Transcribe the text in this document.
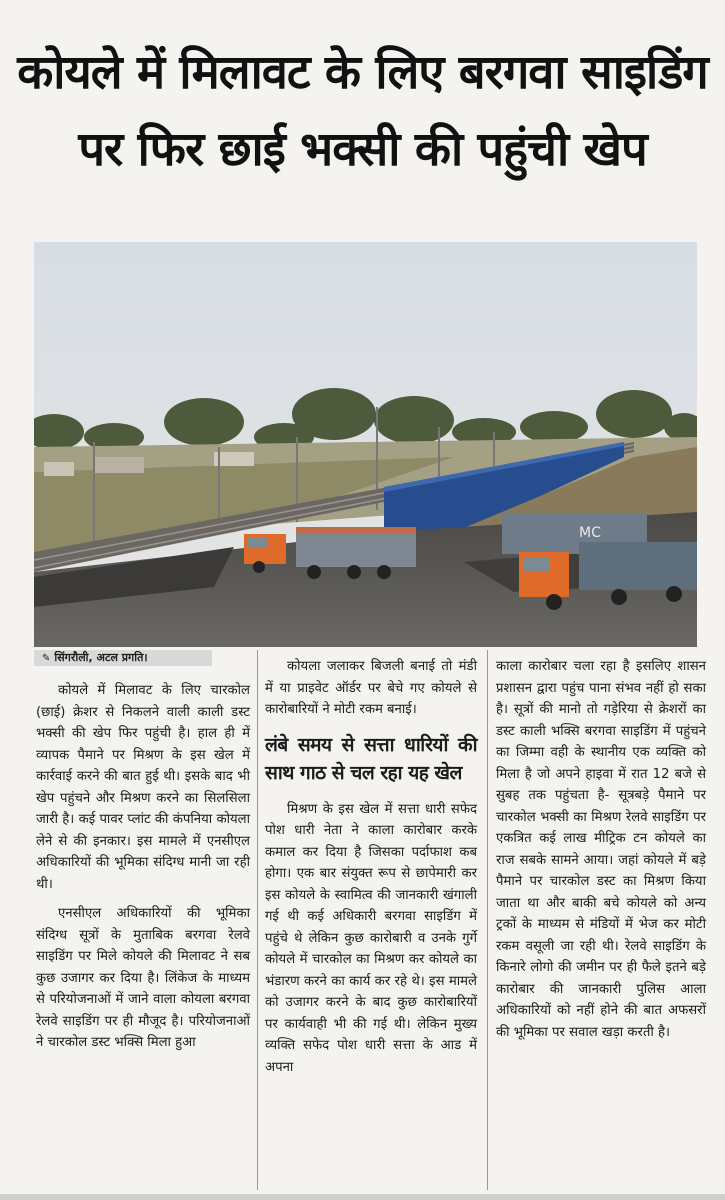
कोयले में मिलावट के लिए बरगवा साइडिंग
पर फिर छाई भक्सी की पहुंची खेप
MC
✎ सिंगरौली, अटल प्रगति।

कोयले में मिलावट के लिए चारकोल (छाई) क्रेशर से निकलने वाली काली डस्ट भक्सी की खेप फिर पहुंची है। हाल ही में व्यापक पैमाने पर मिश्रण के इस खेल में कार्रवाई करने की बात हुई थी। इसके बाद भी खेप पहुंचने और मिश्रण करने का सिलसिला जारी है। कई पावर प्लांट की कंपनिया कोयला लेने से की इनकार। इस मामले में एनसीएल अधिकारियों की भूमिका संदिग्ध मानी जा रही थी।

एनसीएल अधिकारियों की भूमिका संदिग्ध सूत्रों के मुताबिक बरगवा रेलवे साइडिंग पर मिले कोयले की मिलावट ने सब कुछ उजागर कर दिया है। लिंकेज के माध्यम से परियोजनाओं में जाने वाला कोयला बरगवा रेलवे साइडिंग पर ही मौजूद है। परियोजनाओं ने चारकोल डस्ट भक्सि मिला हुआ

कोयला जलाकर बिजली बनाई तो मंडी में या प्राइवेट ऑर्डर पर बेचे गए कोयले से कारोबारियों ने मोटी रकम बनाई।

लंबे समय से सत्ता धारियों की साथ गाठ से चल रहा यह खेल

मिश्रण के इस खेल में सत्ता धारी सफेद पोश धारी नेता ने काला कारोबार करके कमाल कर दिया है जिसका पर्दाफाश कब होगा। एक बार संयुक्त रूप से छापेमारी कर इस कोयले के स्वामित्व की जानकारी खंगाली गई थी कई अधिकारी बरगवा साइडिंग में पहुंचे थे लेकिन कुछ कारोबारी व उनके गुर्गे कोयले में चारकोल का मिश्रण कर कोयले का भंडारण करने का कार्य कर रहे थे। इस मामले को उजागर करने के बाद कुछ कारोबारियों पर कार्यवाही भी की गई थी। लेकिन मुख्य व्यक्ति सफेद पोश धारी सत्ता के आड में अपना

काला कारोबार चला रहा है इसलिए शासन प्रशासन द्वारा पहुंच पाना संभव नहीं हो सका है। सूत्रों की मानो तो गड़ेरिया से क्रेशरों का डस्ट काली भक्सि बरगवा साइडिंग में पहुंचने का जिम्मा वही के स्थानीय एक व्यक्ति को मिला है जो अपने हाइवा में रात 12 बजे से सुबह तक पहुंचता है- सूत्रबड़े पैमाने पर चारकोल भक्सी का मिश्रण रेलवे साइडिंग पर एकत्रित कई लाख मीट्रिक टन कोयले का राज सबके सामने आया। जहां कोयले में बड़े पैमाने पर चारकोल डस्ट का मिश्रण किया जाता था और बाकी बचे कोयले को अन्य ट्रकों के माध्यम से मंडियों में भेज कर मोटी रकम वसूली जा रही थी। रेलवे साइडिंग के किनारे लोगो की जमीन पर ही फैले इतने बड़े कारोबार की जानकारी पुलिस आला अधिकारियों को नहीं होने की बात अफसरों की भूमिका पर सवाल खड़ा करती है।
